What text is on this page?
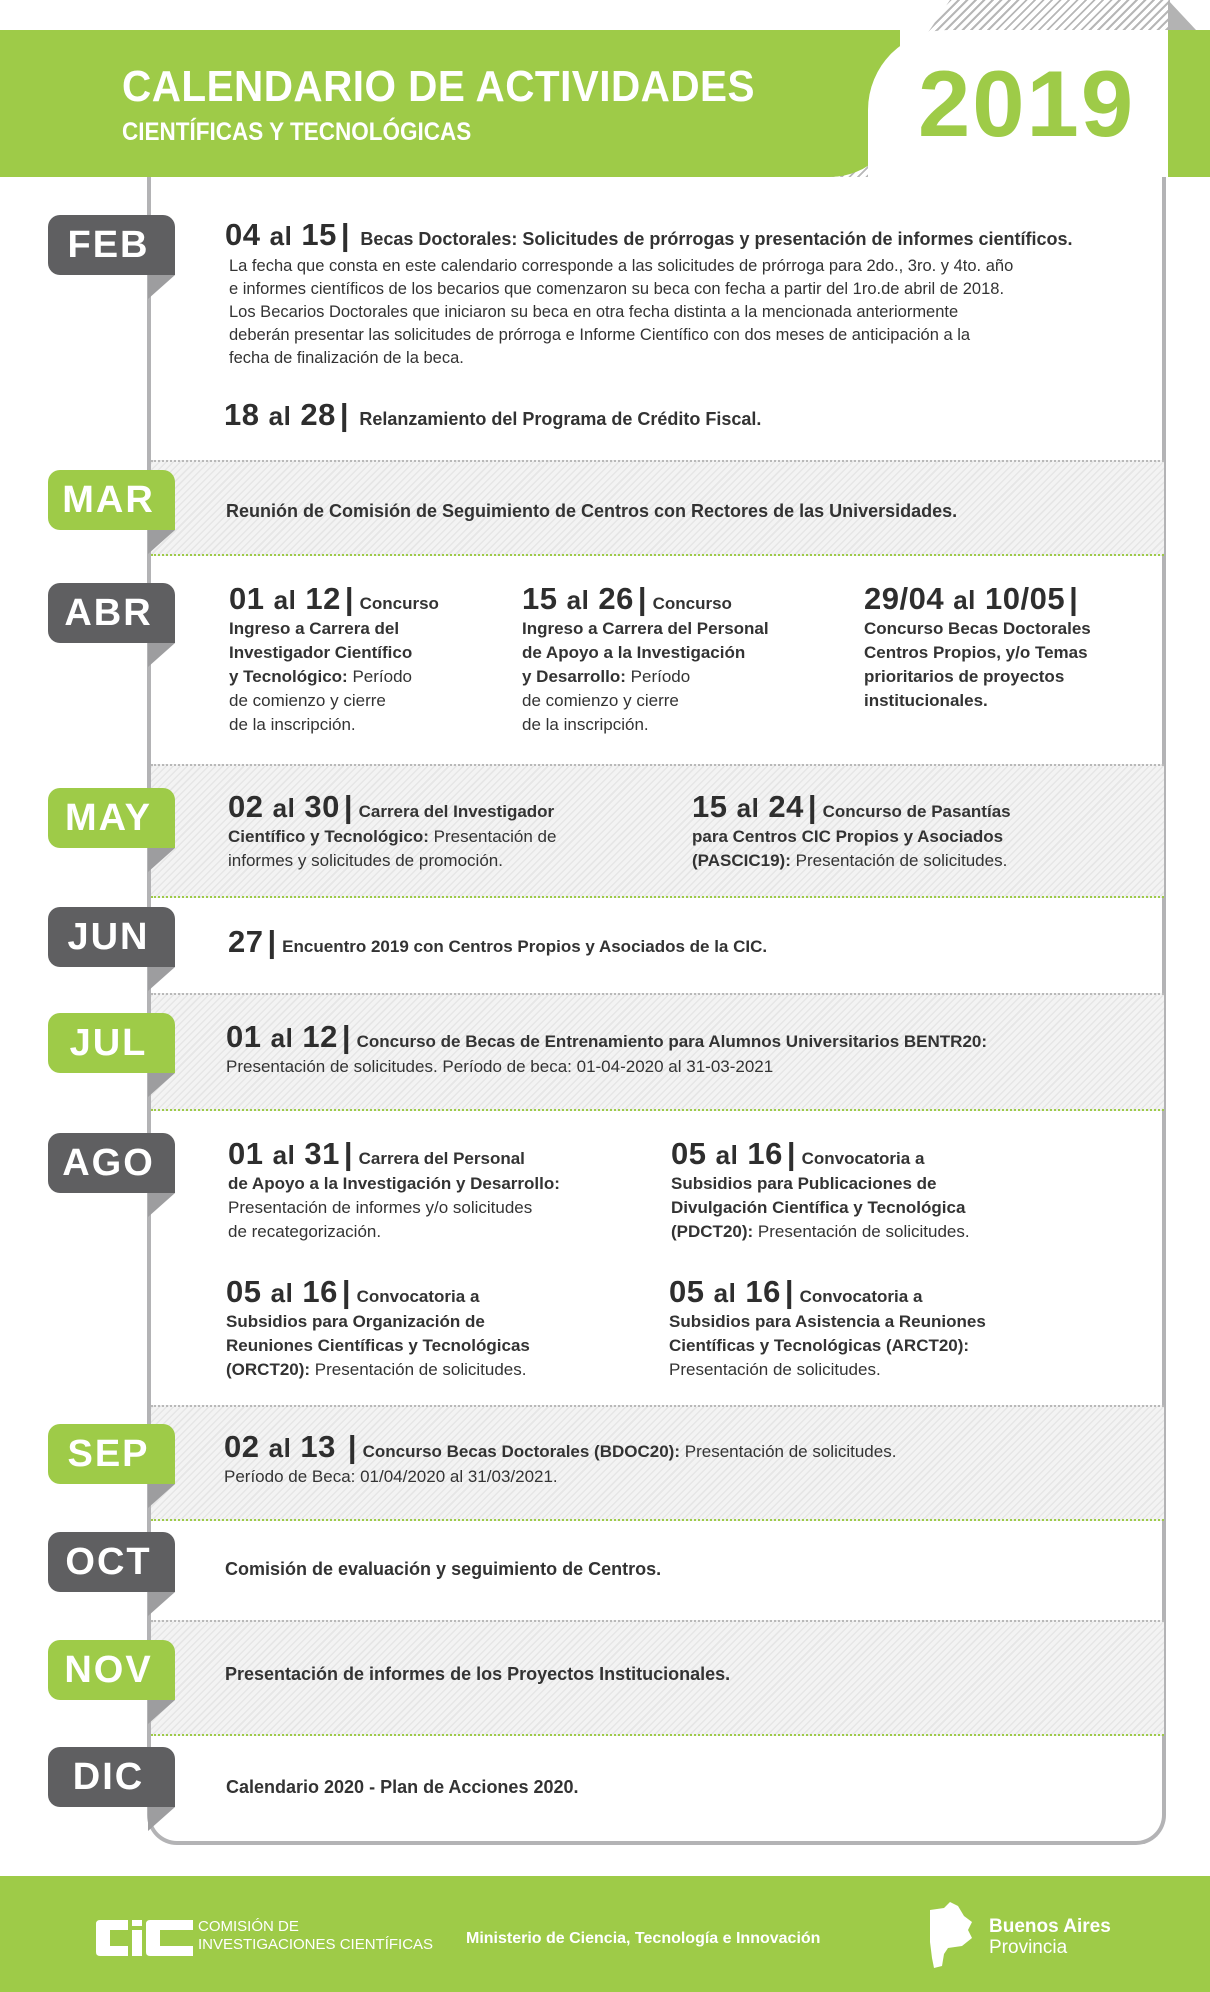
CALENDARIO DE ACTIVIDADES
CIENTÍFICAS Y TECNOLÓGICAS	2019
FEB	04 al 15 | Becas Doctorales: Solicitudes de prórrogas y presentación de informes científicos.
La fecha que consta en este calendario corresponde a las solicitudes de prórroga para 2do., 3ro. y 4to. año
e informes científicos de los becarios que comenzaron su beca con fecha a partir del 1ro.de abril de 2018.
Los Becarios Doctorales que iniciaron su beca en otra fecha distinta a la mencionada anteriormente
deberán presentar las solicitudes de prórroga e Informe Científico con dos meses de anticipación a la
fecha de finalización de la beca.
18 al 28 | Relanzamiento del Programa de Crédito Fiscal.
MAR	Reunión de Comisión de Seguimiento de Centros con Rectores de las Universidades.
ABR	01 al 12 | Concurso
Ingreso a Carrera del
Investigador Científico
y Tecnológico: Período
de comienzo y cierre
de la inscripción.
15 al 26 | Concurso
Ingreso a Carrera del Personal
de Apoyo a la Investigación
y Desarrollo: Período
de comienzo y cierre
de la inscripción.
29/04 al 10/05 |
Concurso Becas Doctorales
Centros Propios, y/o Temas
prioritarios de proyectos
institucionales.
MAY	02 al 30 | Carrera del Investigador
Científico y Tecnológico: Presentación de
informes y solicitudes de promoción.
15 al 24 | Concurso de Pasantías
para Centros CIC Propios y Asociados
(PASCIC19): Presentación de solicitudes.
JUN	27 | Encuentro 2019 con Centros Propios y Asociados de la CIC.
JUL	01 al 12 | Concurso de Becas de Entrenamiento para Alumnos Universitarios BENTR20:
Presentación de solicitudes. Período de beca: 01-04-2020 al 31-03-2021
AGO	01 al 31 | Carrera del Personal
de Apoyo a la Investigación y Desarrollo:
Presentación de informes y/o solicitudes
de recategorización.
05 al 16 | Convocatoria a
Subsidios para Publicaciones de
Divulgación Científica y Tecnológica
(PDCT20): Presentación de solicitudes.
05 al 16 | Convocatoria a
Subsidios para Organización de
Reuniones Científicas y Tecnológicas
(ORCT20): Presentación de solicitudes.
05 al 16 | Convocatoria a
Subsidios para Asistencia a Reuniones
Científicas y Tecnológicas (ARCT20):
Presentación de solicitudes.
SEP	02 al 13 | Concurso Becas Doctorales (BDOC20): Presentación de solicitudes.
Período de Beca: 01/04/2020 al 31/03/2021.
OCT	Comisión de evaluación y seguimiento de Centros.
NOV	Presentación de informes de los Proyectos Institucionales.
DIC	Calendario 2020 - Plan de Acciones 2020.
COMISIÓN DE
INVESTIGACIONES CIENTÍFICAS Ministerio de Ciencia, Tecnología e Innovación
Buenos Aires
Provincia
